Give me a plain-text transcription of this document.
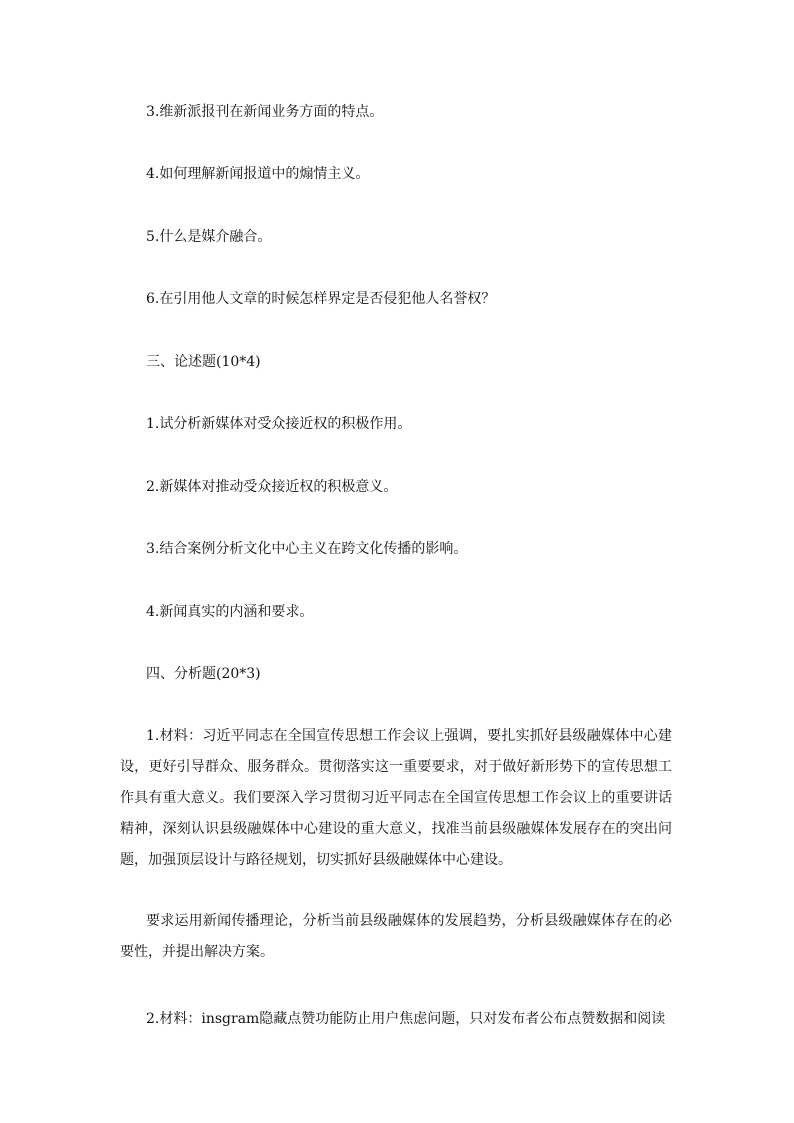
3.维新派报刊在新闻业务方面的特点。
4.如何理解新闻报道中的煽情主义。
5.什么是媒介融合。
6.在引用他人文章的时候怎样界定是否侵犯他人名誉权？
三、论述题(10*4)
1.试分析新媒体对受众接近权的积极作用。
2.新媒体对推动受众接近权的积极意义。
3.结合案例分析文化中心主义在跨文化传播的影响。
4.新闻真实的内涵和要求。
四、分析题(20*3)
1.材料：习近平同志在全国宣传思想工作会议上强调，要扎实抓好县级融媒体中心建设，更好引导群众、服务群众。贯彻落实这一重要要求，对于做好新形势下的宣传思想工作具有重大意义。我们要深入学习贯彻习近平同志在全国宣传思想工作会议上的重要讲话精神，深刻认识县级融媒体中心建设的重大意义，找准当前县级融媒体发展存在的突出问题，加强顶层设计与路径规划，切实抓好县级融媒体中心建设。
要求运用新闻传播理论，分析当前县级融媒体的发展趋势，分析县级融媒体存在的必要性，并提出解决方案。
2.材料：insgram隐藏点赞功能防止用户焦虑问题，只对发布者公布点赞数据和阅读
